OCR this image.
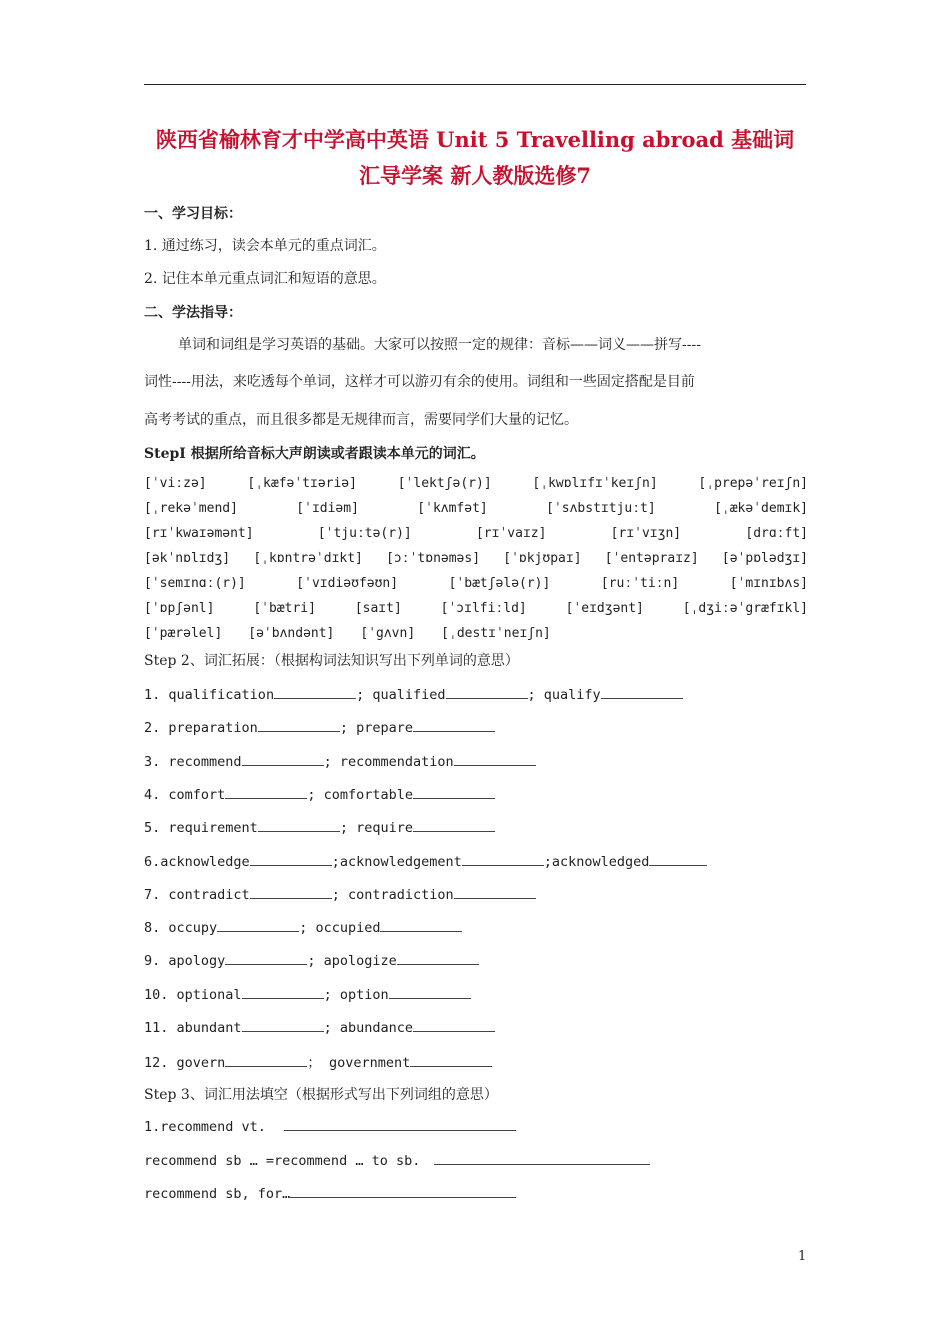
陕西省榆林育才中学高中英语 Unit 5 Travelling abroad 基础词
汇导学案 新人教版选修7
一、学习目标：
1. 通过练习，读会本单元的重点词汇。
2. 记住本单元重点词汇和短语的意思。
二、学法指导：
单词和词组是学习英语的基础。大家可以按照一定的规律：音标——词义——拼写----
词性----用法，来吃透每个单词，这样才可以游刃有余的使用。词组和一些固定搭配是目前
高考考试的重点，而且很多都是无规律而言，需要同学们大量的记忆。
StepⅠ 根据所给音标大声朗读或者跟读本单元的词汇。
[ˈviːzə]	[ˌkæfəˈtɪəriə]	[ˈlektʃə(r)]	[ˌkwɒlɪfɪˈkeɪʃn]	[ˌprepəˈreɪʃn]
[ˌrekəˈmend]	[ˈɪdiəm]	[ˈkʌmfət]	[ˈsʌbstɪtjuːt]	[ˌækəˈdemɪk]
[rɪˈkwaɪəmənt]	[ˈtjuːtə(r)]	[rɪˈvaɪz]	[rɪˈvɪʒn]	[drɑːft]
[əkˈnɒlɪdʒ] [ˌkɒntrəˈdɪkt] [ɔːˈtɒnəməs] [ˈɒkjʊpaɪ] [ˈentəpraɪz] [əˈpɒlədʒɪ]
[ˈsemɪnɑː(r)]	[ˈvɪdiəʊfəʊn]	[ˈbætʃələ(r)]	[ruːˈtiːn]	[ˈmɪnɪbʌs]
[ˈɒpʃənl]	[ˈbætri]	[saɪt]	[ˈɔɪlfiːld]	[ˈeɪdʒənt]	[ˌdʒiːəˈgræfɪkl]
[ˈpærəlel] [əˈbʌndənt] [ˈgʌvn] [ˌdestɪˈneɪʃn]
Step 2、词汇拓展：（根据构词法知识写出下列单词的意思）
1. qualification	; qualified	; qualify
2. preparation	; prepare
3. recommend	; recommendation
4. comfort	; comfortable
5. requirement	; require
6.acknowledge	;acknowledgement	;acknowledged
7. contradict	; contradiction
8. occupy	; occupied
9. apology	; apologize
10. optional	; option
11. abundant	; abundance
12. govern	； government
Step 3、词汇用法填空（根据形式写出下列词组的意思）
1.recommend vt.
recommend sb … =recommend … to sb.
recommend sb, for…
1
